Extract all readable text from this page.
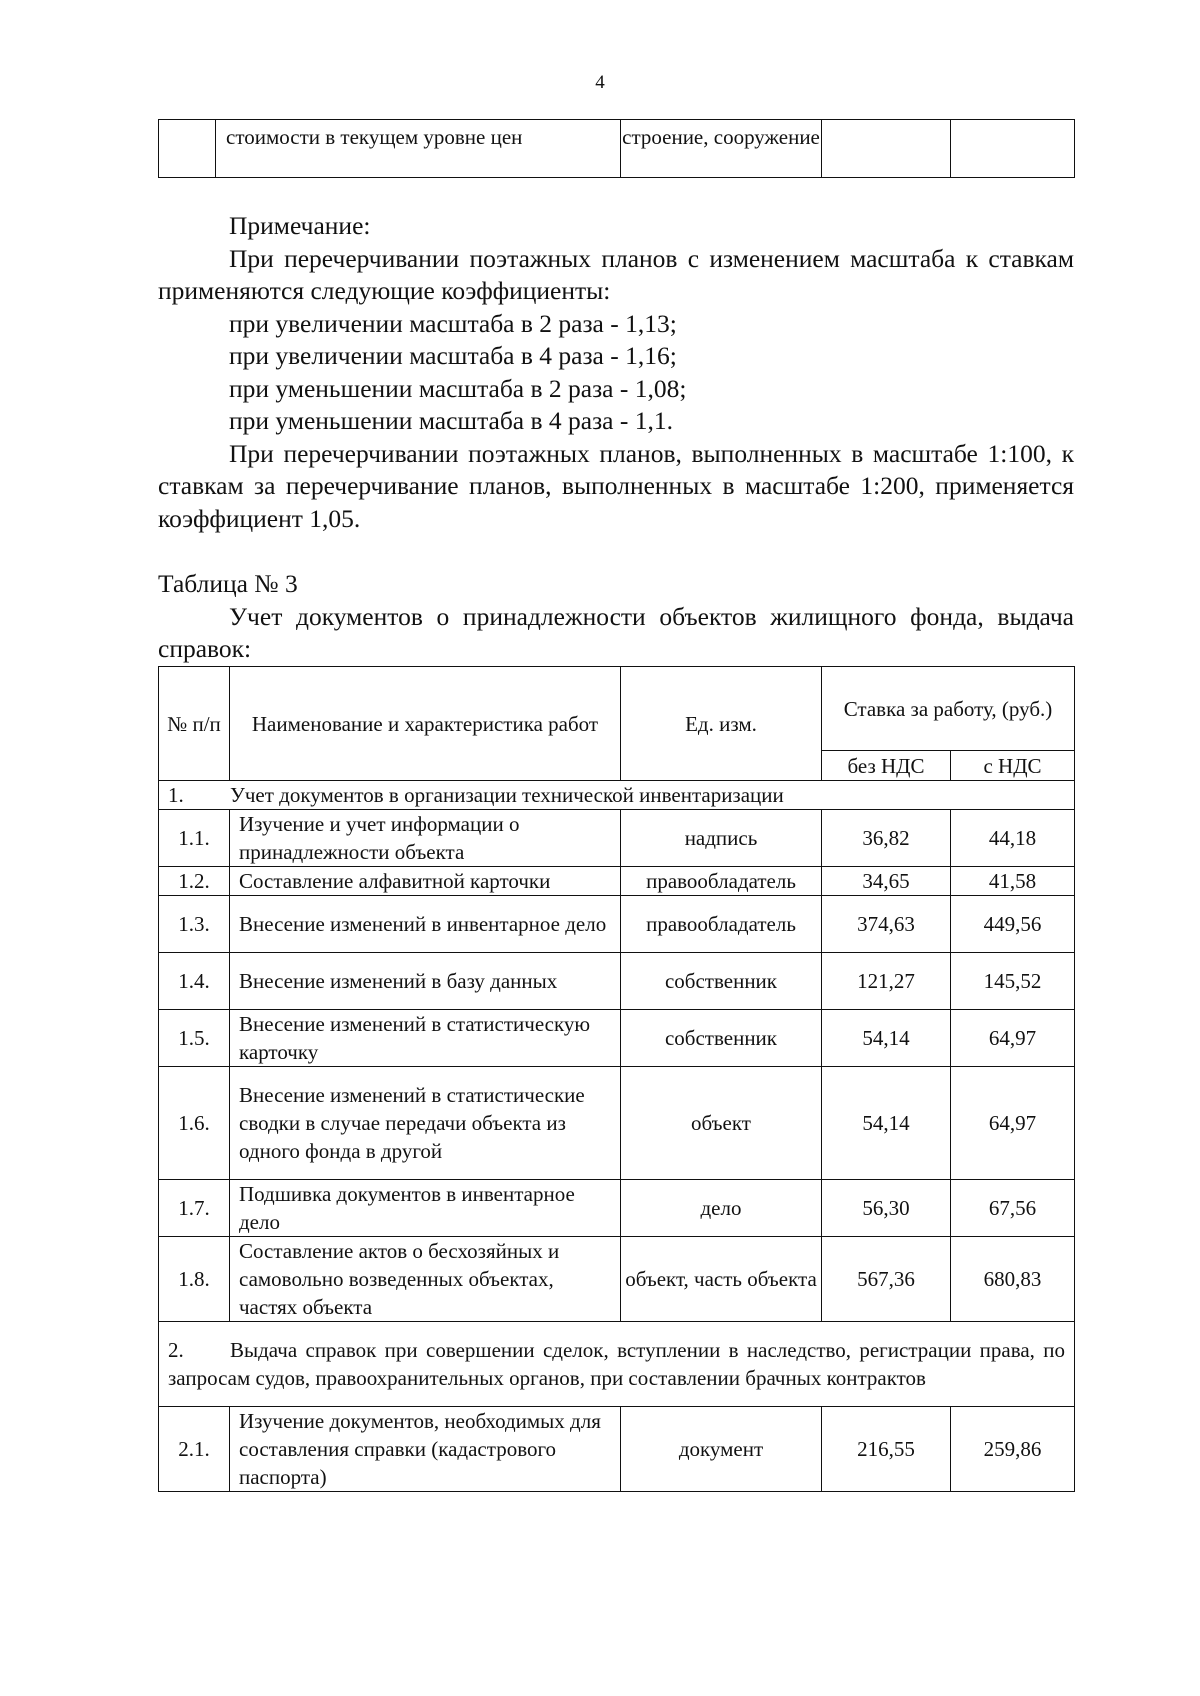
4
	стоимости в текущем уровне цен	строение, сооружение		

Примечание:

При перечерчивании поэтажных планов с изменением масштаба к ставкам применяются следующие коэффициенты:

при увеличении масштаба в 2 раза - 1,13;

при увеличении масштаба в 4 раза - 1,16;

при уменьшении масштаба в 2 раза - 1,08;

при уменьшении масштаба в 4 раза - 1,1.

При перечерчивании поэтажных планов, выполненных в масштабе 1:100, к ставкам за перечерчивание планов, выполненных в масштабе 1:200, применяется коэффициент 1,05.

Таблица № 3

Учет документов о принадлежности объектов жилищного фонда, выдача справок:

№ п/п	Наименование и характеристика работ	Ед. изм.	Ставка за работу, (руб.)	
			без НДС	с НДС
1. Учет документов в организации технической инвентаризации				
1.1.	Изучение и учет информации о принадлежности объекта	надпись	36,82	44,18
1.2.	Составление алфавитной карточки	правообладатель	34,65	41,58
1.3.	Внесение изменений в инвентарное дело	правообладатель	374,63	449,56
1.4.	Внесение изменений в базу данных	собственник	121,27	145,52
1.5.	Внесение изменений в статистическую карточку	собственник	54,14	64,97
1.6.	Внесение изменений в статистические сводки в случае передачи объекта из одного фонда в другой	объект	54,14	64,97
1.7.	Подшивка документов в инвентарное дело	дело	56,30	67,56
1.8.	Составление актов о бесхозяйных и самовольно возведенных объектах, частях объекта	объект, часть объекта	567,36	680,83
2. Выдача справок при совершении сделок, вступлении в наследство, регистрации права, по запросам судов, правоохранительных органов, при составлении брачных контрактов				
2.1.	Изучение документов, необходимых для составления справки (кадастрового паспорта)	документ	216,55	259,86
